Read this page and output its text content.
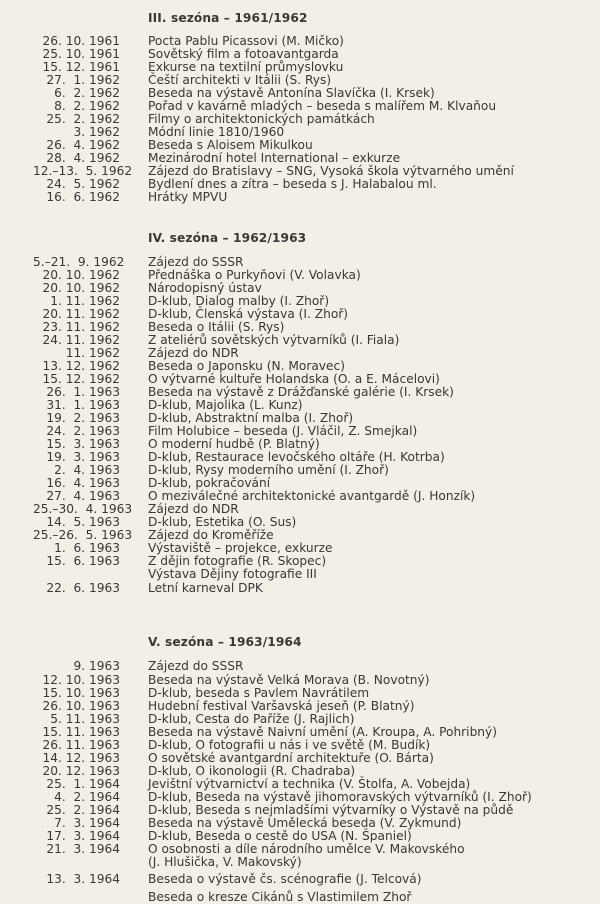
III. sezóna – 1961/1962
26. 10. 1961 Pocta Pablu Picassovi (M. Mičko)
25. 10. 1961 Sovětský film a fotoavantgarda
15. 12. 1961 Exkurse na textilní průmyslovku
27.  1. 1962 Čeští architekti v Itálii (S. Rys)
6.  2. 1962 Beseda na výstavě Antonína Slavíčka (I. Krsek)
8.  2. 1962 Pořad v kavárně mladých – beseda s malířem M. Klvaňou
25.  2. 1962 Filmy o architektonických památkách
3. 1962 Módní linie 1810/1960
26.  4. 1962 Beseda s Aloisem Mikulkou
28.  4. 1962 Mezinárodní hotel International – exkurze
12.–13.  5. 1962 Zájezd do Bratislavy – SNG, Vysoká škola výtvarného umění
24.  5. 1962 Bydlení dnes a zítra – beseda s J. Halabalou ml.
16.  6. 1962 Hrátky MPVU
IV. sezóna – 1962/1963
5.–21.  9. 1962 Zájezd do SSSR
20. 10. 1962 Přednáška o Purkyňovi (V. Volavka)
20. 10. 1962 Národopisný ústav
1. 11. 1962 D-klub, Dialog malby (I. Zhoř)
20. 11. 1962 D-klub, Členská výstava (I. Zhoř)
23. 11. 1962 Beseda o Itálii (S. Rys)
24. 11. 1962 Z ateliérů sovětských výtvarníků (I. Fiala)
11. 1962 Zájezd do NDR
13. 12. 1962 Beseda o Japonsku (N. Moravec)
15. 12. 1962 O výtvarné kultuře Holandska (O. a E. Mácelovi)
26.  1. 1963 Beseda na výstavě z Drážďanské galérie (I. Krsek)
31.  1. 1963 D-klub, Majolika (L. Kunz)
19.  2. 1963 D-klub, Abstraktní malba (I. Zhoř)
24.  2. 1963 Film Holubice – beseda (J. Vláčil, Z. Smejkal)
15.  3. 1963 O moderní hudbě (P. Blatný)
19.  3. 1963 D-klub, Restaurace levočského oltáře (H. Kotrba)
2.  4. 1963 D-klub, Rysy moderního umění (I. Zhoř)
16.  4. 1963 D-klub, pokračování
27.  4. 1963 O meziválečné architektonické avantgardě (J. Honzík)
25.–30.  4. 1963 Zájezd do NDR
14.  5. 1963 D-klub, Estetika (O. Sus)
25.–26.  5. 1963 Zájezd do Kroměříže
1.  6. 1963 Výstaviště – projekce, exkurze
15.  6. 1963 Z dějin fotografie (R. Skopec)
Výstava Dějiny fotografie III
22.  6. 1963 Letní karneval DPK
V. sezóna – 1963/1964
9. 1963 Zájezd do SSSR
12. 10. 1963 Beseda na výstavě Velká Morava (B. Novotný)
15. 10. 1963 D-klub, beseda s Pavlem Navrátilem
26. 10. 1963 Hudební festival Varšavská jeseň (P. Blatný)
5. 11. 1963 D-klub, Cesta do Paříže (J. Rajlich)
15. 11. 1963 Beseda na výstavě Naivní umění (A. Kroupa, A. Pohribný)
26. 11. 1963 D-klub, O fotografii u nás i ve světě (M. Budík)
14. 12. 1963 O sovětské avantgardní architektuře (O. Bárta)
20. 12. 1963 D-klub, O ikonologii (R. Chadraba)
25.  1. 1964 Jevištní výtvarnictví a technika (V. Štolfa, A. Vobejda)
4.  2. 1964 D-klub, Beseda na výstavě jihomoravských výtvarníků (I. Zhoř)
25.  2. 1964 D-klub, Beseda s nejmladšími výtvarníky o Výstavě na půdě
7.  3. 1964 Beseda na výstavě Umělecká beseda (V. Zykmund)
17.  3. 1964 D-klub, Beseda o cestě do USA (N. Španiel)
21.  3. 1964 O osobnosti a díle národního umělce V. Makovského
(J. Hlušička, V. Makovský)
13.  3. 1964 Beseda o výstavě čs. scénografie (J. Telcová)
Beseda o kresze Cikánů s Vlastimilem Zhoř
